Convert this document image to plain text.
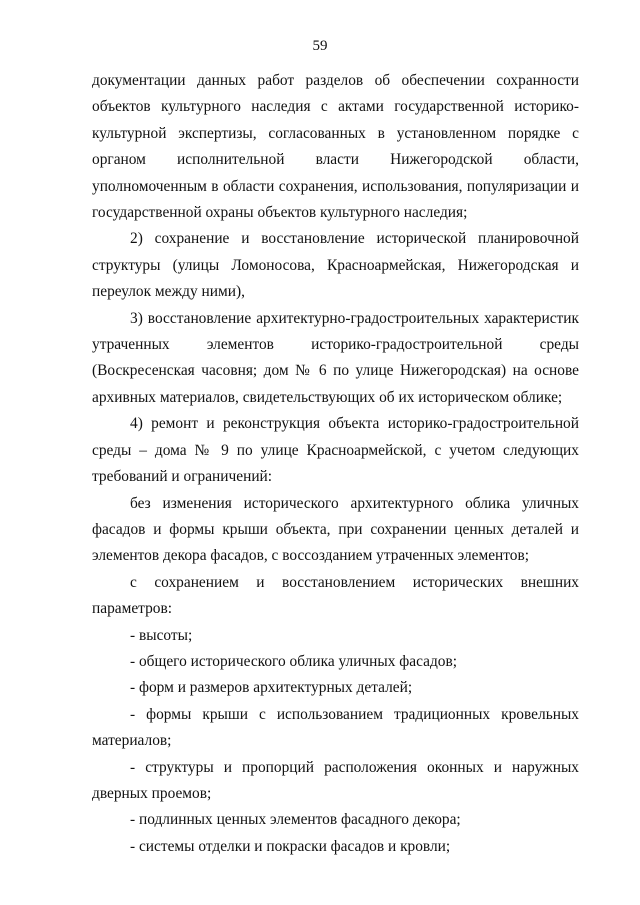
59

документации данных работ разделов об обеспечении сохранности объектов культурного наследия с актами государственной историко-культурной экспертизы, согласованных в установленном порядке с органом исполнительной власти Нижегородской области, уполномоченным в области сохранения, использования, популяризации и государственной охраны объектов культурного наследия;

2) сохранение и восстановление исторической планировочной структуры (улицы Ломоносова, Красноармейская, Нижегородская и переулок между ними),

3) восстановление архитектурно-градостроительных характеристик утраченных элементов историко-градостроительной среды (Воскресенская часовня; дом № 6 по улице Нижегородская) на основе архивных материалов, свидетельствующих об их историческом облике;

4) ремонт и реконструкция объекта историко-градостроительной среды – дома № 9 по улице Красноармейской, с учетом следующих требований и ограничений:

без изменения исторического архитектурного облика уличных фасадов и формы крыши объекта, при сохранении ценных деталей и элементов декора фасадов, с воссозданием утраченных элементов;

с сохранением и восстановлением исторических внешних параметров:

- высоты;

- общего исторического облика уличных фасадов;

- форм и размеров архитектурных деталей;

- формы крыши с использованием традиционных кровельных материалов;

- структуры и пропорций расположения оконных и наружных дверных проемов;

- подлинных ценных элементов фасадного декора;

- системы отделки и покраски фасадов и кровли;
